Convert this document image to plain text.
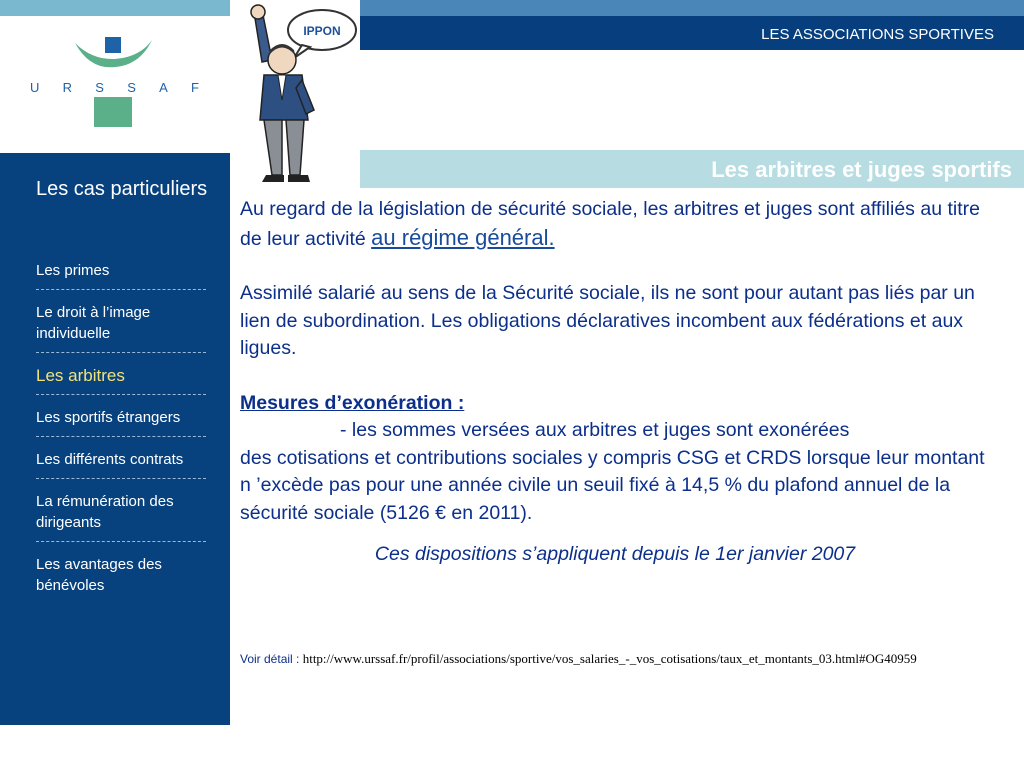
LES ASSOCIATIONS SPORTIVES
U R S S A F
IPPON
Les arbitres et juges sportifs
Les cas particuliers
Les primes
Le droit à l’image individuelle
Les arbitres
Les sportifs étrangers
Les différents contrats
La rémunération des dirigeants
Les avantages des bénévoles

Au regard de la législation de sécurité sociale, les arbitres et juges sont affiliés au titre de leur activité au régime général.

Assimilé salarié au sens de la Sécurité sociale, ils ne sont pour autant pas liés par un lien de subordination. Les obligations déclaratives incombent aux fédérations et aux ligues.

Mesures d’exonération :

- les sommes versées aux arbitres et juges sont exonérées

des cotisations et contributions sociales y compris CSG et CRDS lorsque leur montant n ’excède pas pour une année civile un seuil fixé à 14,5 % du plafond annuel de la sécurité sociale (5126 € en 2011).

Ces dispositions s’appliquent depuis le 1er janvier 2007

Voir détail : http://www.urssaf.fr/profil/associations/sportive/vos_salaries_-_vos_cotisations/taux_et_montants_03.html#OG40959
